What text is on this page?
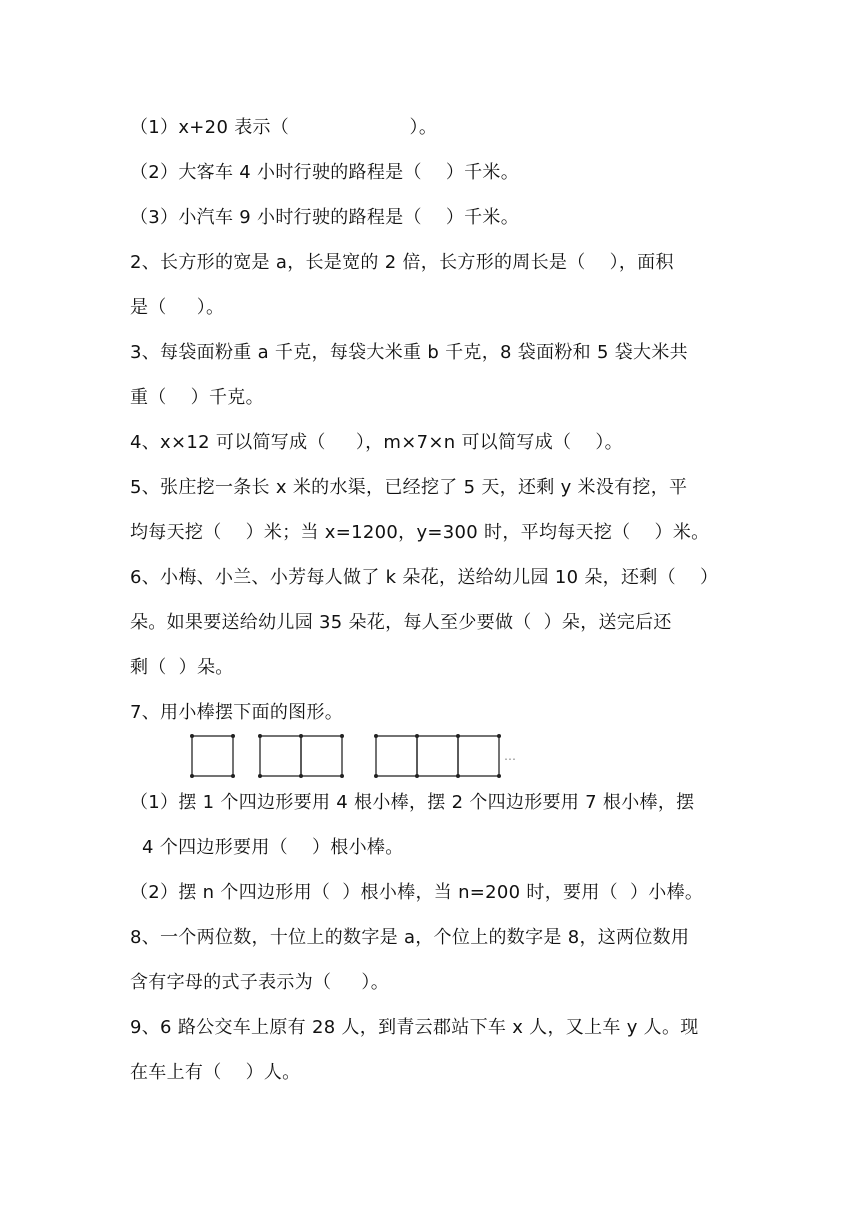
（1）x+20 表示（                    ）。
（2）大客车 4 小时行驶的路程是（    ）千米。
（3）小汽车 9 小时行驶的路程是（    ）千米。
2、长方形的宽是 a，长是宽的 2 倍，长方形的周长是（    ），面积
是（     ）。
3、每袋面粉重 a 千克，每袋大米重 b 千克，8 袋面粉和 5 袋大米共
重（    ）千克。
4、x×12 可以简写成（     ），m×7×n 可以简写成（    ）。
5、张庄挖一条长 x 米的水渠，已经挖了 5 天，还剩 y 米没有挖，平
均每天挖（    ）米；当 x=1200，y=300 时，平均每天挖（    ）米。
6、小梅、小兰、小芳每人做了 k 朵花，送给幼儿园 10 朵，还剩（    ）
朵。如果要送给幼儿园 35 朵花，每人至少要做（  ）朵，送完后还
剩（  ）朵。
7、用小棒摆下面的图形。
…
（1）摆 1 个四边形要用 4 根小棒，摆 2 个四边形要用 7 根小棒，摆
4 个四边形要用（    ）根小棒。
（2）摆 n 个四边形用（  ）根小棒，当 n=200 时，要用（  ）小棒。
8、一个两位数，十位上的数字是 a，个位上的数字是 8，这两位数用
含有字母的式子表示为（     ）。
9、6 路公交车上原有 28 人，到青云郡站下车 x 人，又上车 y 人。现
在车上有（    ）人。
